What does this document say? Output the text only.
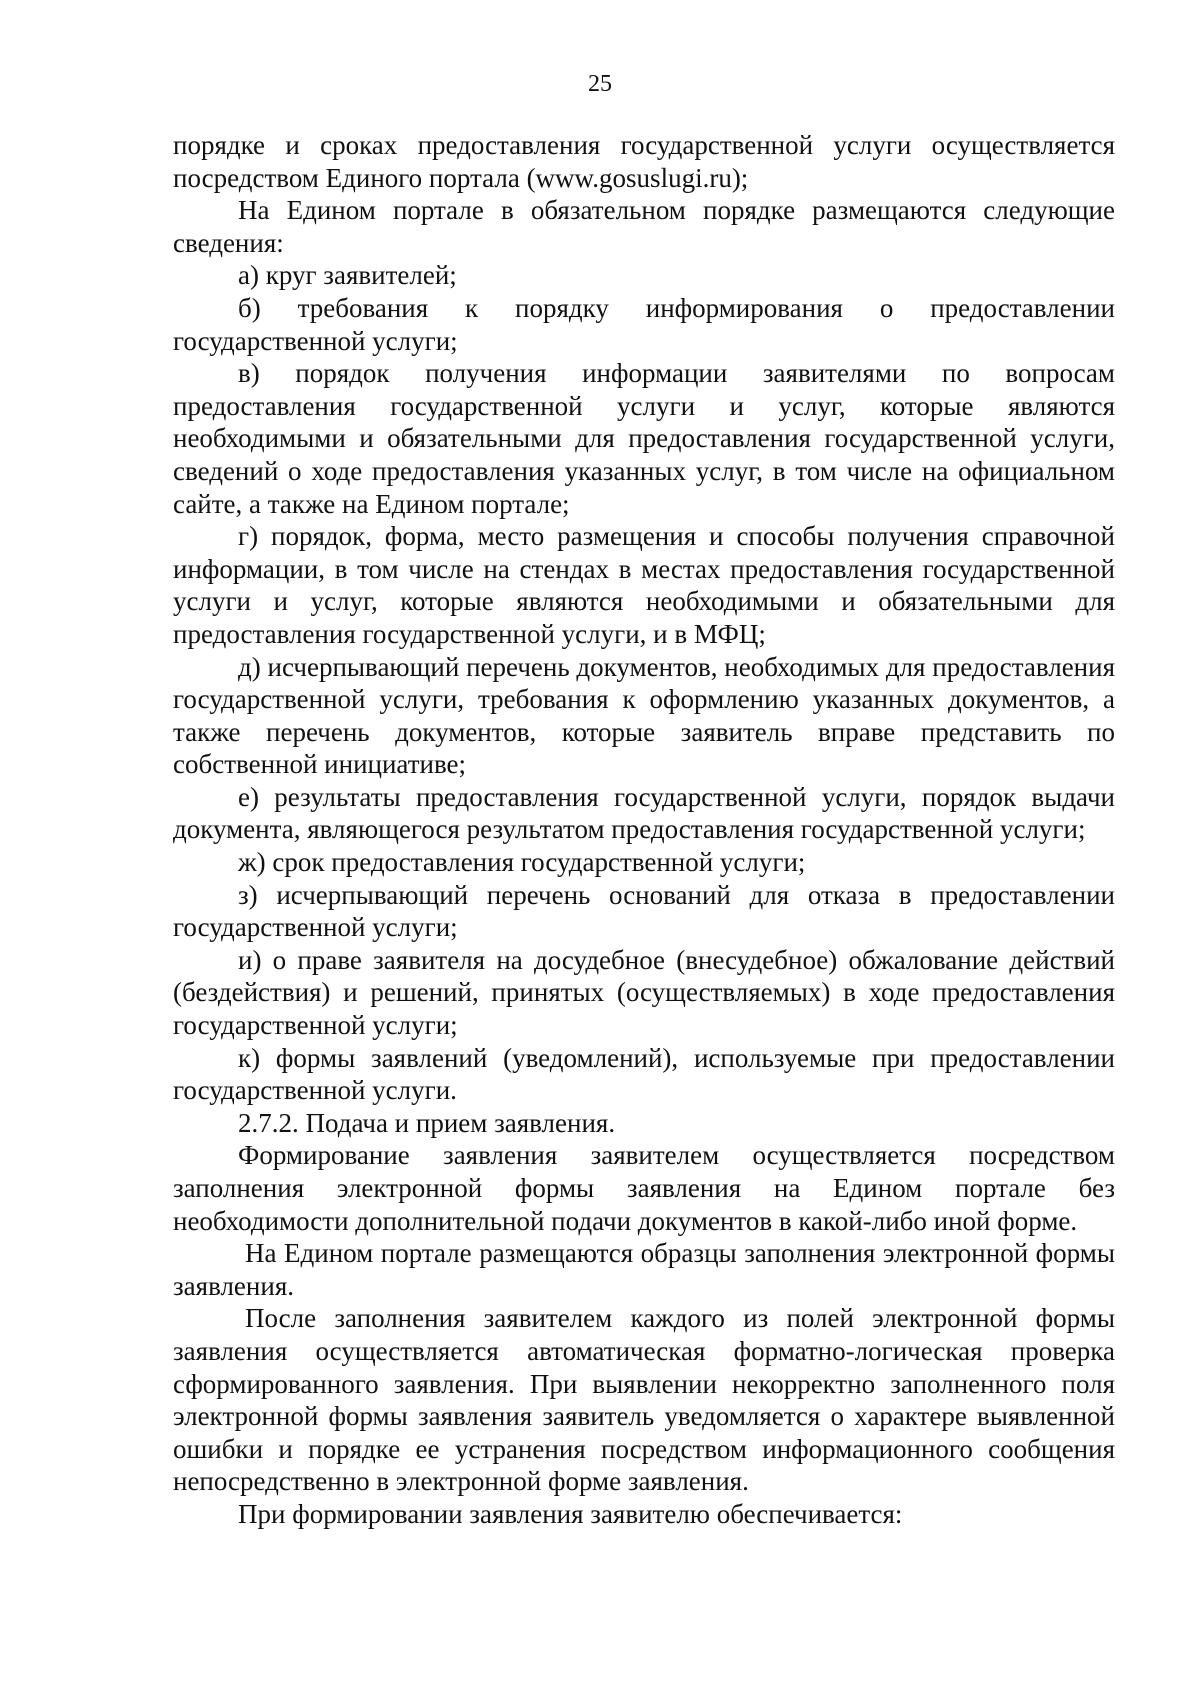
25

порядке и сроках предоставления государственной услуги осуществляется посредством Единого портала (www.gosuslugi.ru);

На Едином портале в обязательном порядке размещаются следующие сведения:

а) круг заявителей;

б) требования к порядку информирования о предоставлении государственной услуги;

в) порядок получения информации заявителями по вопросам предоставления государственной услуги и услуг, которые являются необходимыми и обязательными для предоставления государственной услуги, сведений о ходе предоставления указанных услуг, в том числе на официальном сайте, а также на Едином портале;

г) порядок, форма, место размещения и способы получения справочной информации, в том числе на стендах в местах предоставления государственной услуги и услуг, которые являются необходимыми и обязательными для предоставления государственной услуги, и в МФЦ;

д) исчерпывающий перечень документов, необходимых для предоставления государственной услуги, требования к оформлению указанных документов, а также перечень документов, которые заявитель вправе представить по собственной инициативе;

е) результаты предоставления государственной услуги, порядок выдачи документа, являющегося результатом предоставления государственной услуги;

ж) срок предоставления государственной услуги;

з) исчерпывающий перечень оснований для отказа в предоставлении государственной услуги;

и) о праве заявителя на досудебное (внесудебное) обжалование действий (бездействия) и решений, принятых (осуществляемых) в ходе предоставления государственной услуги;

к) формы заявлений (уведомлений), используемые при предоставлении государственной услуги.

2.7.2. Подача и прием заявления.

Формирование заявления заявителем осуществляется посредством заполнения электронной формы заявления на Едином портале без необходимости дополнительной подачи документов в какой-либо иной форме.

На Едином портале размещаются образцы заполнения электронной формы заявления.

После заполнения заявителем каждого из полей электронной формы заявления осуществляется автоматическая форматно-логическая проверка сформированного заявления. При выявлении некорректно заполненного поля электронной формы заявления заявитель уведомляется о характере выявленной ошибки и порядке ее устранения посредством информационного сообщения непосредственно в электронной форме заявления.

При формировании заявления заявителю обеспечивается:
